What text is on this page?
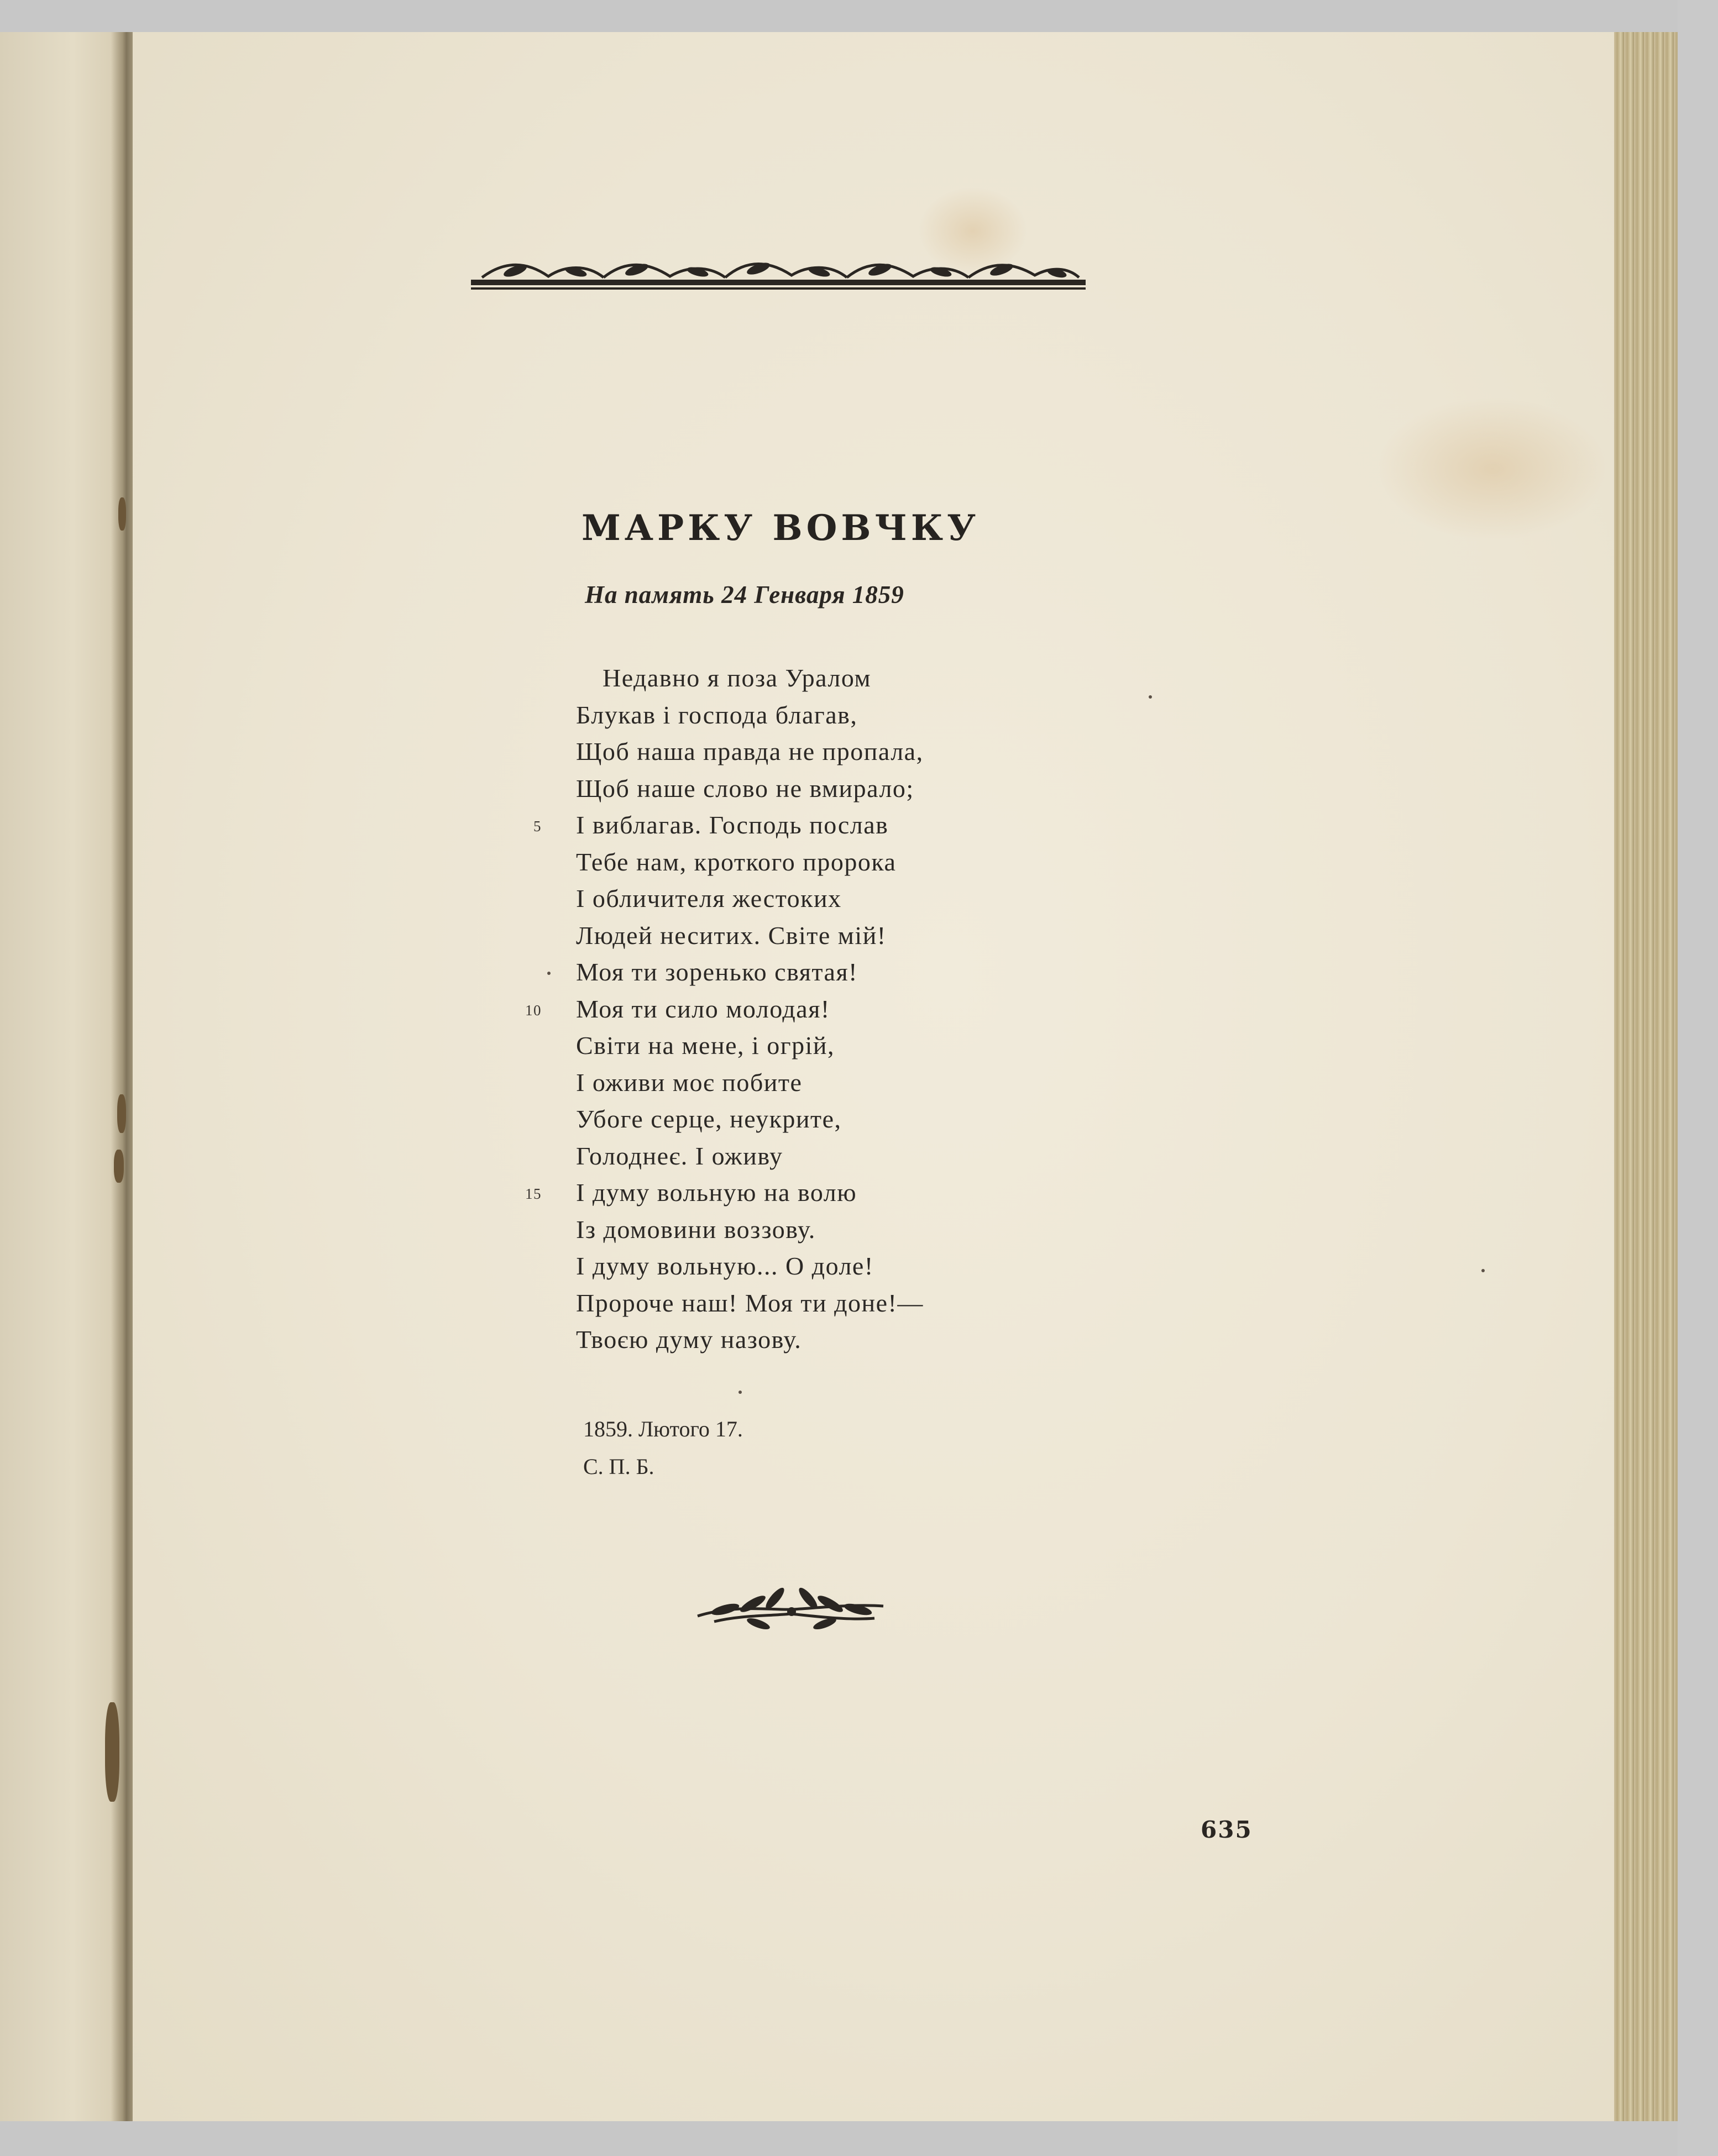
МАРКУ ВОВЧКУ

На память 24 Генваря 1859

Недавно я поза Уралом
Блукав і господа благав,
Щоб наша правда не пропала,
Щоб наше слово не вмирало;
5 І виблагав. Господь послав
Тебе нам, кроткого пророка
І обличителя жестоких
Людей неситих. Світе мій!
Моя ти зоренько святая!
10 Моя ти сило молодая!
Світи на мене, і огрій,
І оживи моє побите
Убоге серце, неукрите,
Голоднеє. І оживу
15 І думу вольную на волю
Із домовини воззову.
І думу вольную... О доле!
Пророче наш! Моя ти доне!—
Твоєю думу назову.
1859. Лютого 17.
С. П. Б.
635
